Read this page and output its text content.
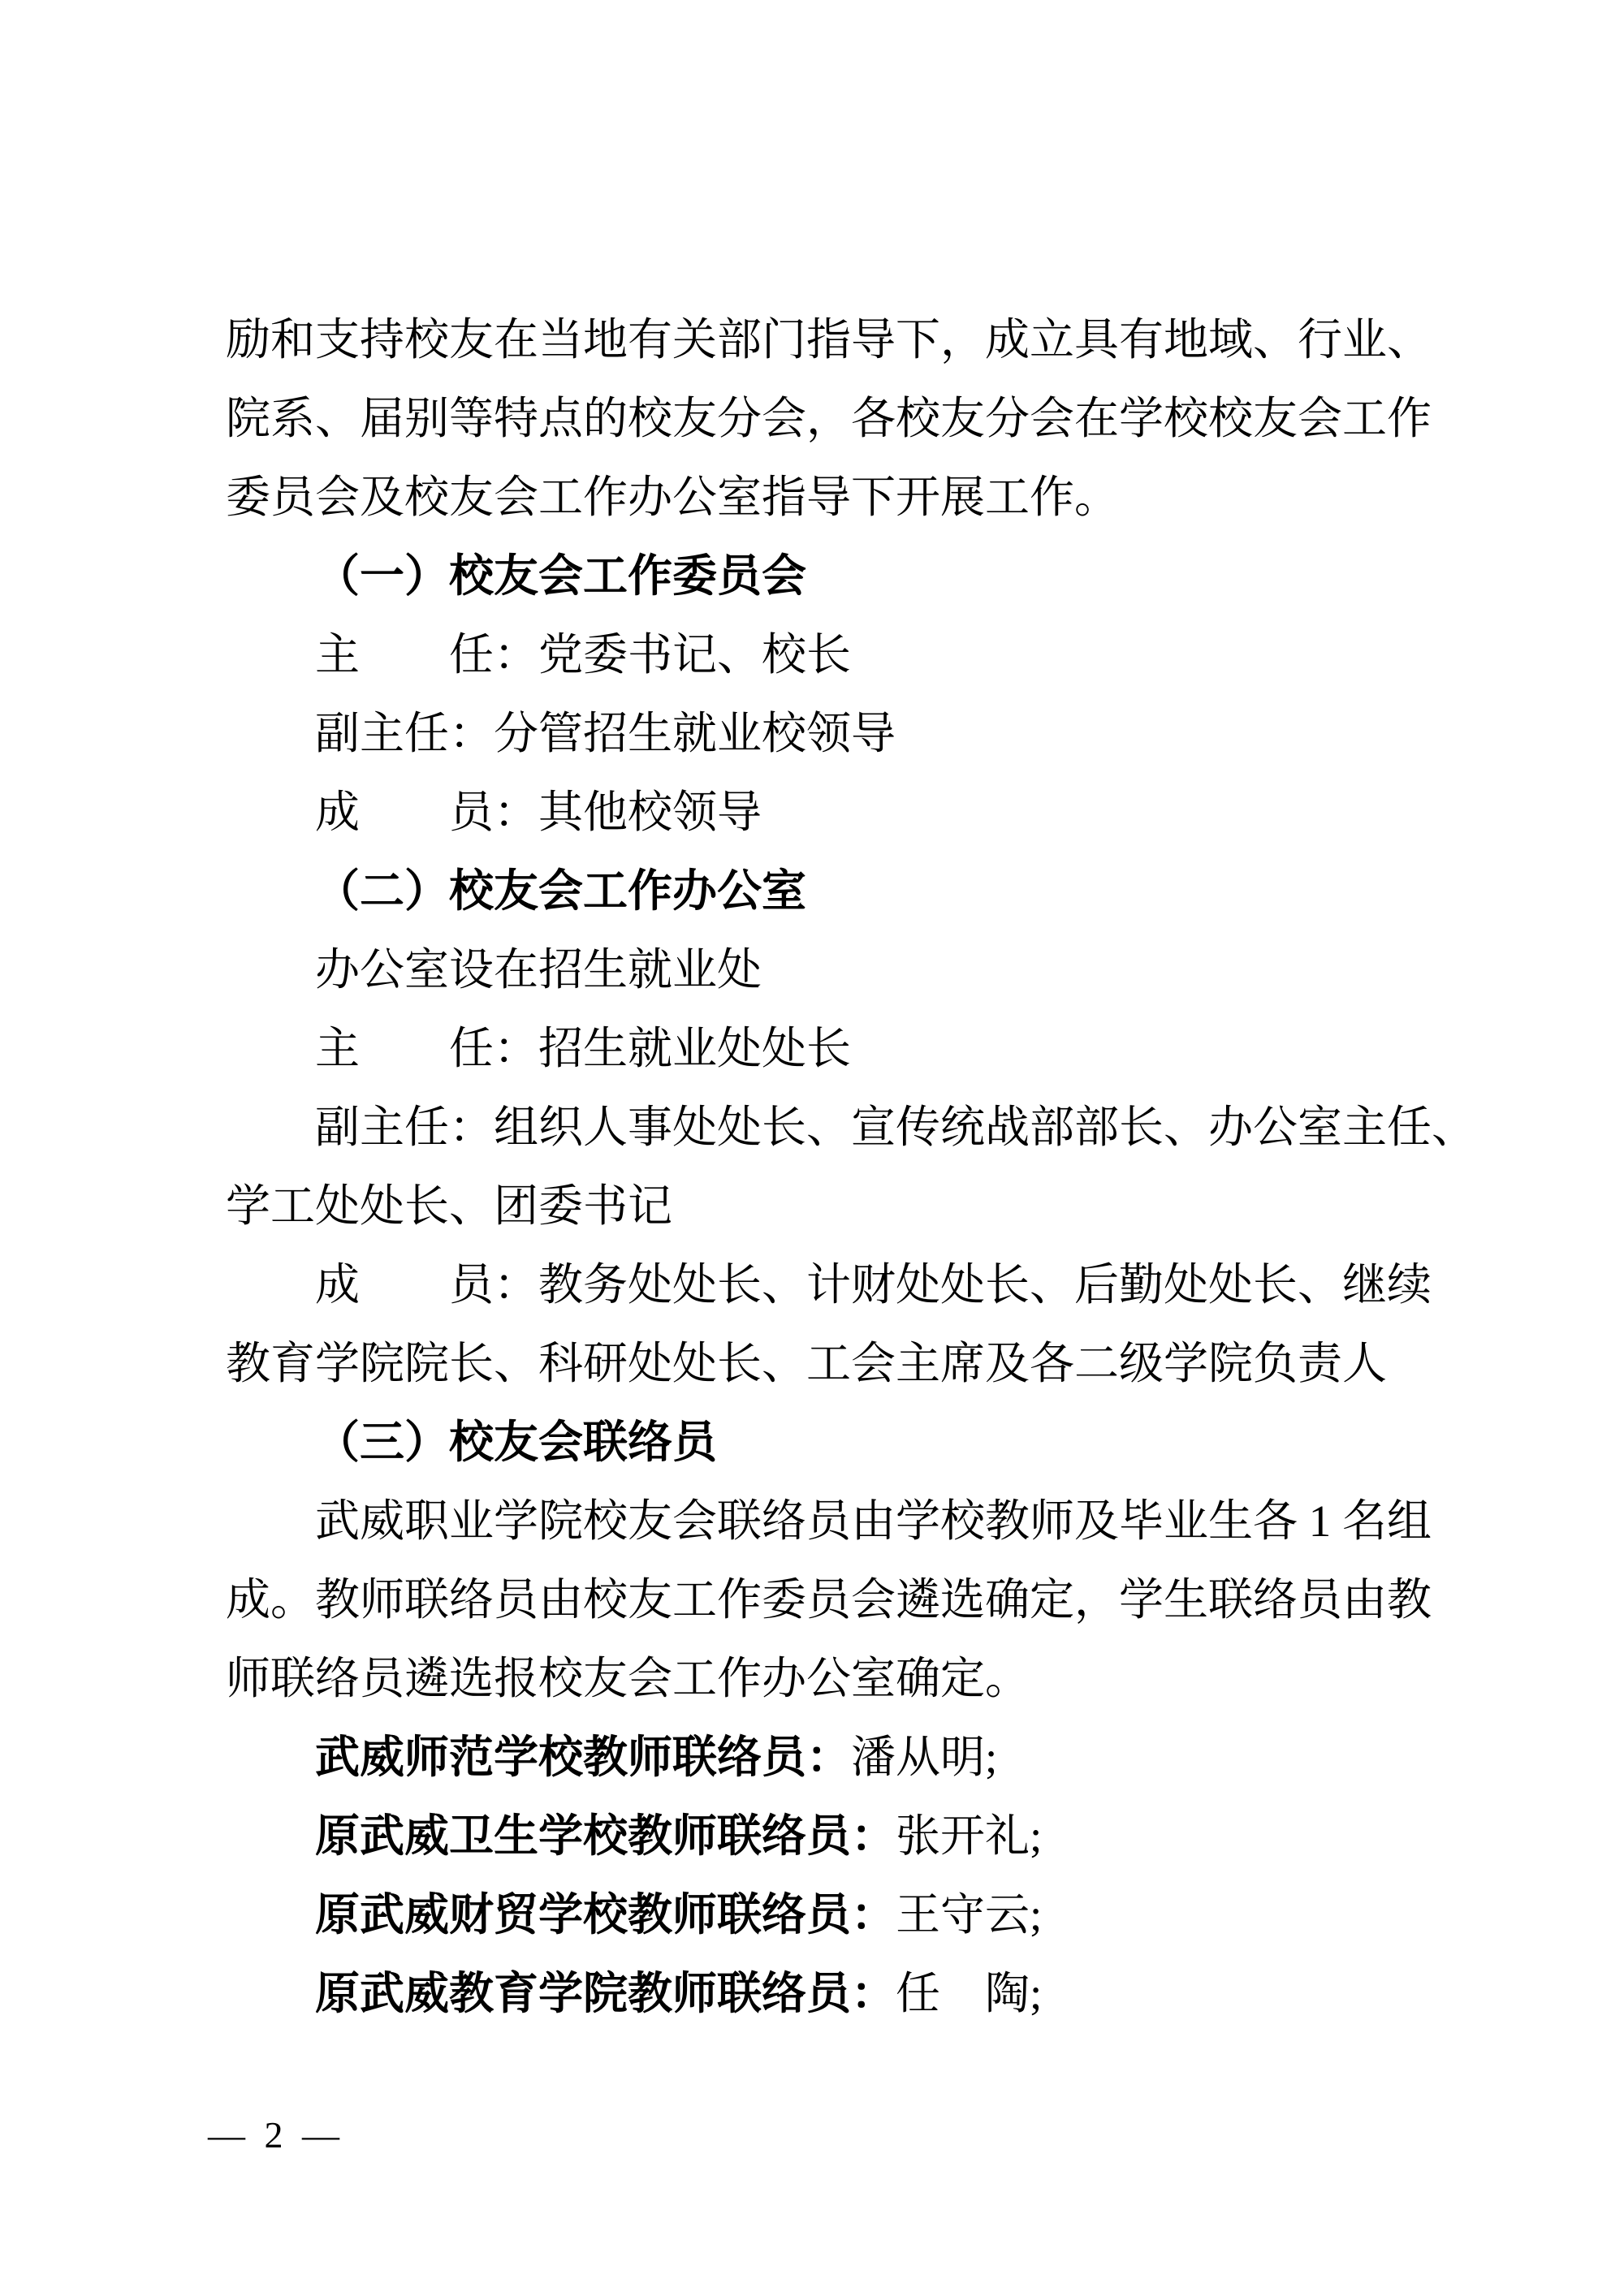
励和支持校友在当地有关部门指导下，成立具有地域、行业、
院系、届别等特点的校友分会，各校友分会在学校校友会工作
委员会及校友会工作办公室指导下开展工作。
（一）校友会工作委员会
主　　任：党委书记、校长
副主任：分管招生就业校领导
成　　员：其他校领导
（二）校友会工作办公室
办公室设在招生就业处
主　　任：招生就业处处长
副主任：组织人事处处长、宣传统战部部长、办公室主任、
学工处处长、团委书记
成　　员：教务处处长、计财处处长、后勤处处长、继续
教育学院院长、科研处处长、工会主席及各二级学院负责人
（三）校友会联络员
武威职业学院校友会联络员由学校教师及毕业生各 1 名组
成。教师联络员由校友工作委员会遴选确定，学生联络员由教
师联络员遴选报校友会工作办公室确定。
武威师范学校教师联络员：潘从明;
原武威卫生学校教师联络员：张开礼;
原武威财贸学校教师联络员：王守云;
原武威教育学院教师联络员：任　陶;
— 2 —
